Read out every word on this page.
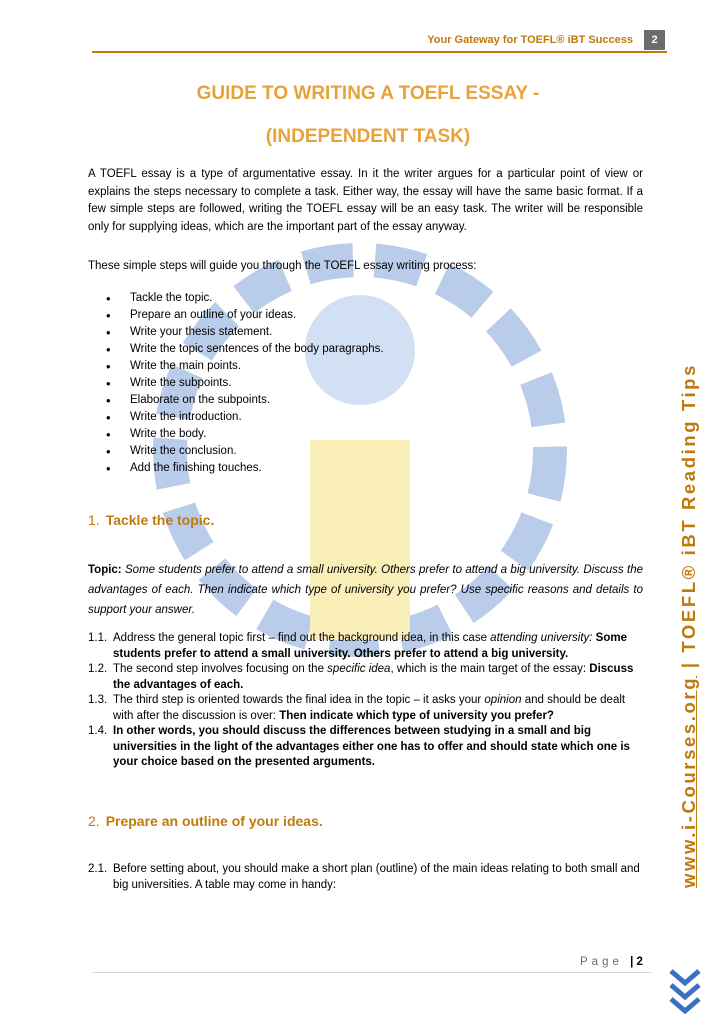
Your Gateway for TOEFL® iBT Success	2
GUIDE TO WRITING A TOEFL ESSAY -
(INDEPENDENT TASK)
A TOEFL essay is a type of argumentative essay. In it the writer argues for a particular point of view or explains the steps necessary to complete a task. Either way, the essay will have the same basic format. If a few simple steps are followed, writing the TOEFL essay will be an easy task. The writer will be responsible only for supplying ideas, which are the important part of the essay anyway.
These simple steps will guide you through the TOEFL essay writing process:
• Tackle the topic.
• Prepare an outline of your ideas.
• Write your thesis statement.
• Write the topic sentences of the body paragraphs.
• Write the main points.
• Write the subpoints.
• Elaborate on the subpoints.
• Write the introduction.
• Write the body.
• Write the conclusion.
• Add the finishing touches.
1. Tackle the topic.
Topic: Some students prefer to attend a small university. Others prefer to attend a big university. Discuss the advantages of each. Then indicate which type of university you prefer? Use specific reasons and details to support your answer.
1.1. Address the general topic first – find out the background idea, in this case attending university: Some students prefer to attend a small university. Others prefer to attend a big university.
1.2. The second step involves focusing on the specific idea, which is the main target of the essay: Discuss the advantages of each.
1.3. The third step is oriented towards the final idea in the topic – it asks your opinion and should be dealt with after the discussion is over: Then indicate which type of university you prefer?
1.4. In other words, you should discuss the differences between studying in a small and big universities in the light of the advantages either one has to offer and should state which one is your choice based on the presented arguments.
2. Prepare an outline of your ideas.
2.1. Before setting about, you should make a short plan (outline) of the main ideas relating to both small and big universities. A table may come in handy:	www.i-Courses.org | TOEFL® iBT Reading Tips
Page | 2
